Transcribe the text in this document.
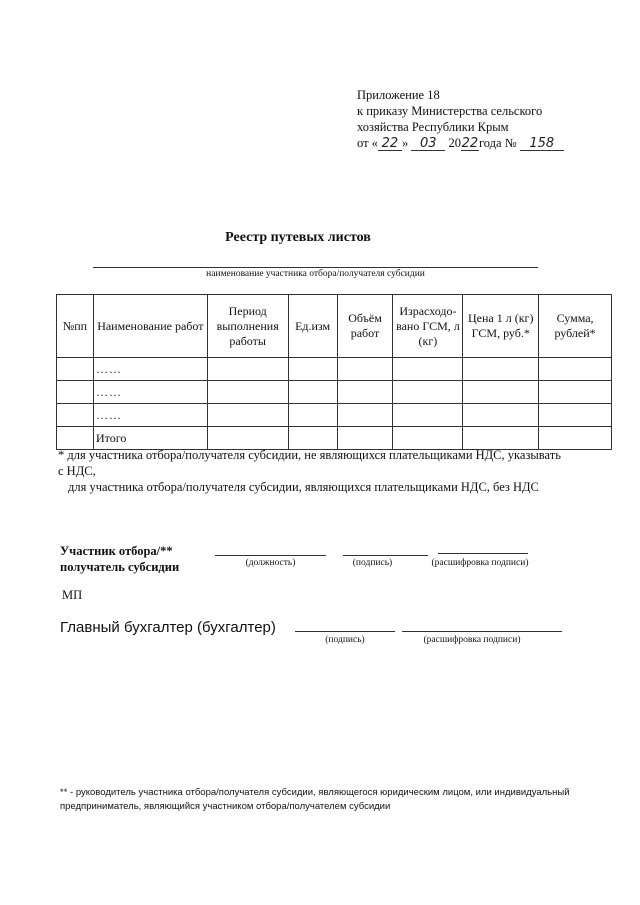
Приложение 18
к приказу Министерства сельского
хозяйства Республики Крым
от « 22 » 03 2022года № 158
Реестр путевых листов
наименование участника отбора/получателя субсидии
№пп	Наименование работ	Период выполнения работы	Ед.изм	Объём работ	Израсходо-вано ГСМ, л (кг)	Цена 1 л (кг) ГСМ, руб.*	Сумма, рублей*
	……						
	……						
	……						
	Итого						
* для участника отбора/получателя субсидии, не являющихся плательщиками НДС, указывать
с НДС,
для участника отбора/получателя субсидии, являющихся плательщиками НДС, без НДС
Участник отбора/**
получатель субсидии	(должность)	(подпись)	(расшифровка подписи)
МП
Главный бухгалтер (бухгалтер)
(подпись)	(расшифровка подписи)
** - руководитель участника отбора/получателя субсидии, являющегося юридическим лицом, или индивидуальный предприниматель, являющийся участником отбора/получателем субсидии
